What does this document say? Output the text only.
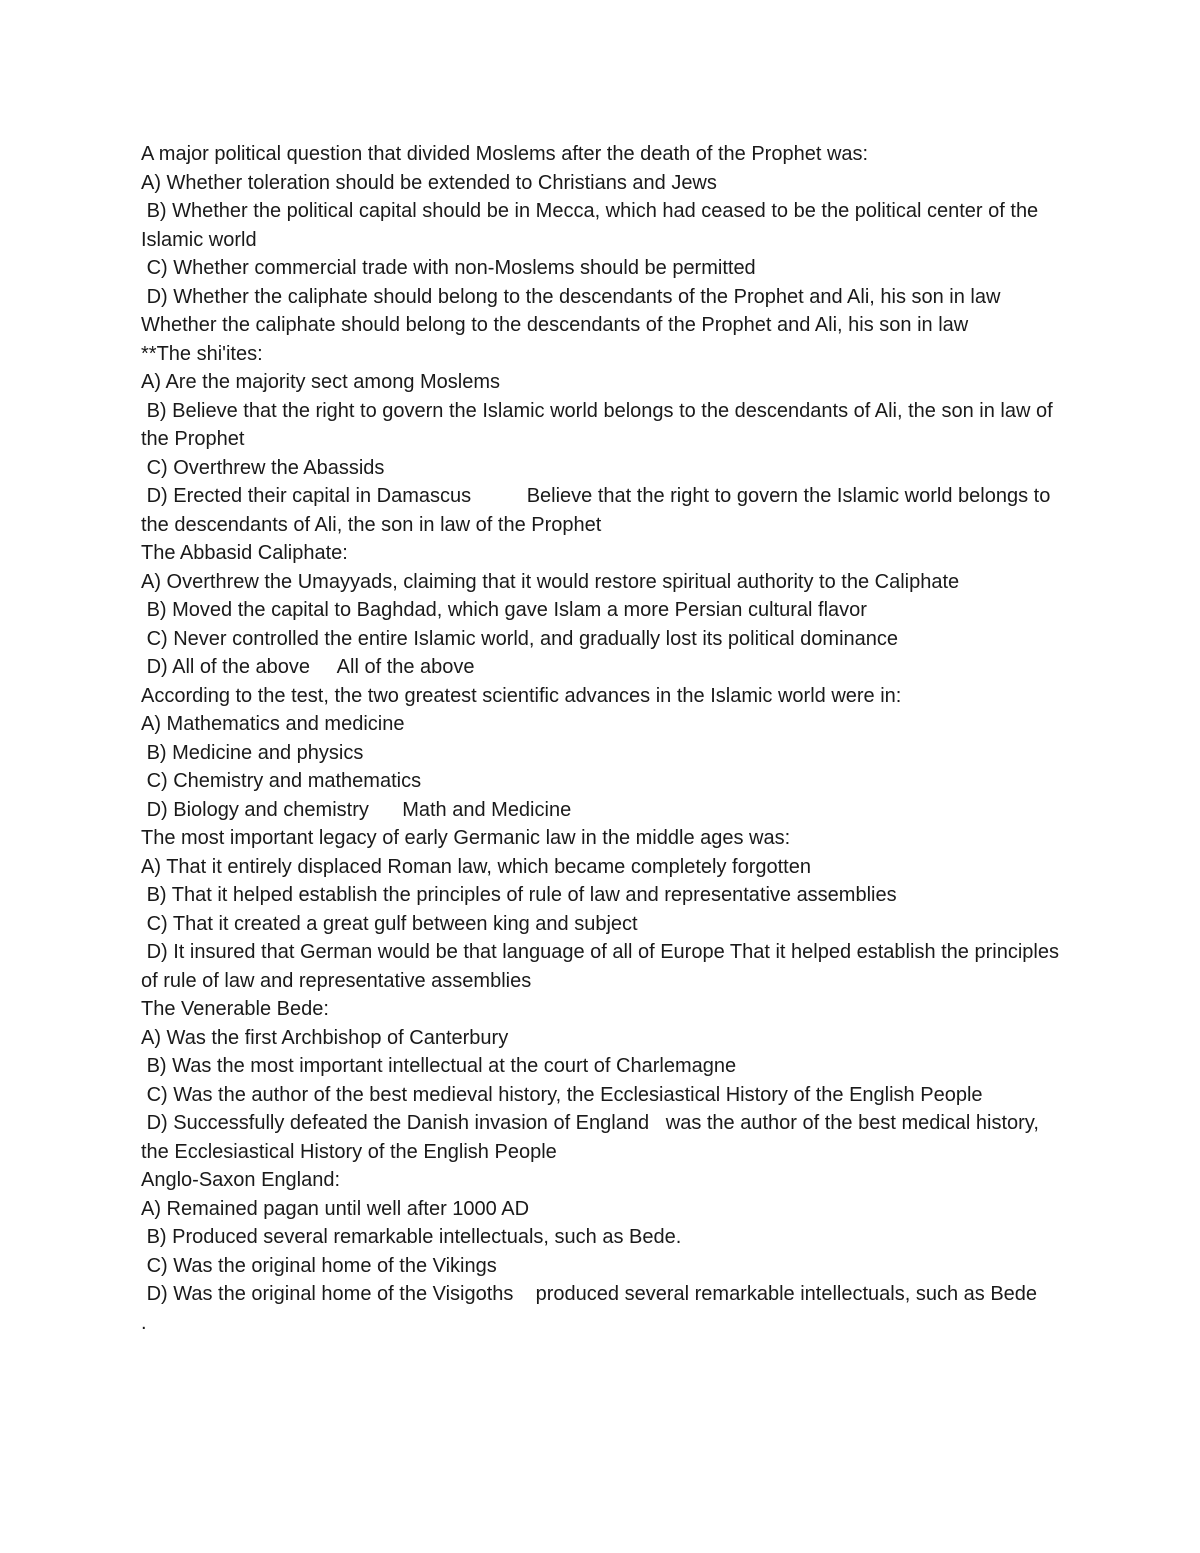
A major political question that divided Moslems after the death of the Prophet was:

A) Whether toleration should be extended to Christians and Jews

B) Whether the political capital should be in Mecca, which had ceased to be the political center of the Islamic world

C) Whether commercial trade with non-Moslems should be permitted

D) Whether the caliphate should belong to the descendants of the Prophet and Ali, his son in law      Whether the caliphate should belong to the descendants of the Prophet and Ali, his son in law

**The shi'ites:

A) Are the majority sect among Moslems

B) Believe that the right to govern the Islamic world belongs to the descendants of Ali, the son in law of the Prophet

C) Overthrew the Abassids

D) Erected their capital in Damascus          Believe that the right to govern the Islamic world belongs to the descendants of Ali, the son in law of the Prophet

The Abbasid Caliphate:

A) Overthrew the Umayyads, claiming that it would restore spiritual authority to the Caliphate

B) Moved the capital to Baghdad, which gave Islam a more Persian cultural flavor

C) Never controlled the entire Islamic world, and gradually lost its political dominance

D) All of the above     All of the above

According to the test, the two greatest scientific advances in the Islamic world were in:

A) Mathematics and medicine

B) Medicine and physics

C) Chemistry and mathematics

D) Biology and chemistry      Math and Medicine

The most important legacy of early Germanic law in the middle ages was:

A) That it entirely displaced Roman law, which became completely forgotten

B) That it helped establish the principles of rule of law and representative assemblies

C) That it created a great gulf between king and subject

D) It insured that German would be that language of all of Europe That it helped establish the principles of rule of law and representative assemblies

The Venerable Bede:

A) Was the first Archbishop of Canterbury

B) Was the most important intellectual at the court of Charlemagne

C) Was the author of the best medieval history, the Ecclesiastical History of the English People

D) Successfully defeated the Danish invasion of England   was the author of the best medical history, the Ecclesiastical History of the English People

Anglo-Saxon England:

A) Remained pagan until well after 1000 AD

B) Produced several remarkable intellectuals, such as Bede.

C) Was the original home of the Vikings

D) Was the original home of the Visigoths    produced several remarkable intellectuals, such as Bede

.
